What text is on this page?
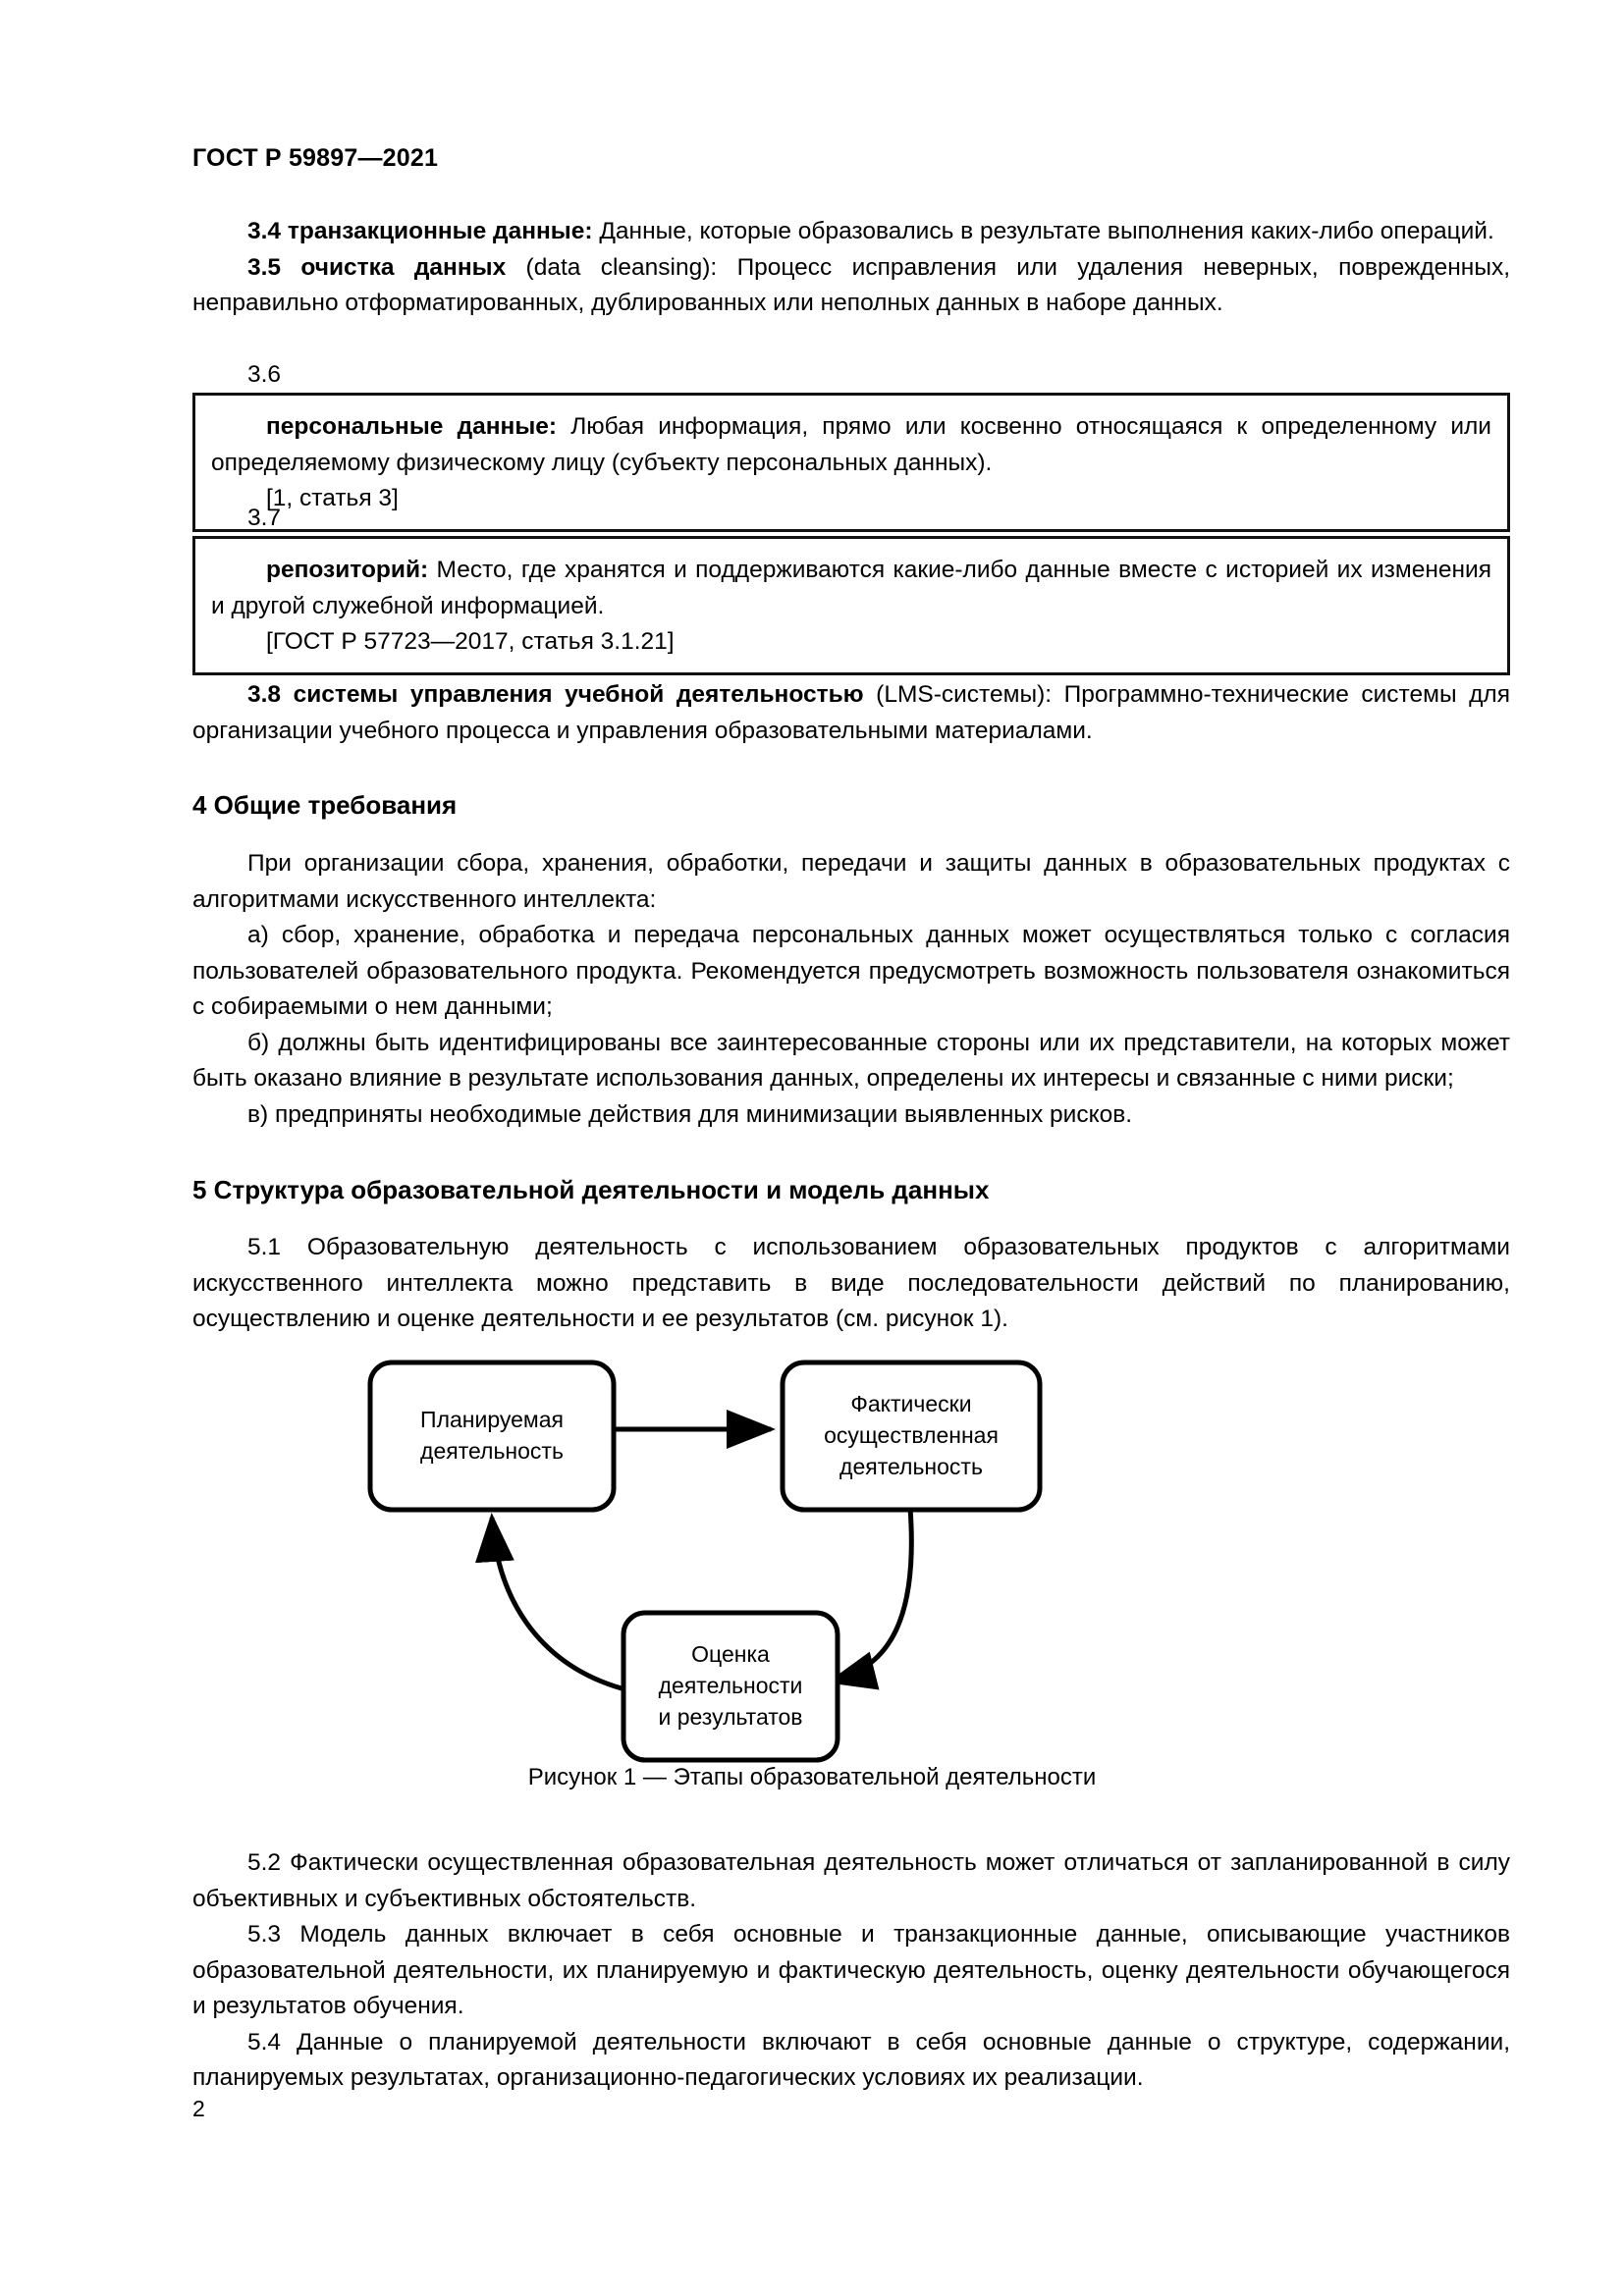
ГОСТ Р 59897—2021

3.4 транзакционные данные: Данные, которые образовались в результате выполнения каких-либо операций.

3.5 очистка данных (data cleansing): Процесс исправления или удаления неверных, поврежденных, неправильно отформатированных, дублированных или неполных данных в наборе данных.

3.6

персональные данные: Любая информация, прямо или косвенно относящаяся к определенному или определяемому физическому лицу (субъекту персональных данных).

[1, статья 3]

3.7

репозиторий: Место, где хранятся и поддерживаются какие-либо данные вместе с историей их изменения и другой служебной информацией.

[ГОСТ Р 57723—2017, статья 3.1.21]

3.8 системы управления учебной деятельностью (LMS-системы): Программно-технические системы для организации учебного процесса и управления образовательными материалами.

4 Общие требования

При организации сбора, хранения, обработки, передачи и защиты данных в образовательных продуктах с алгоритмами искусственного интеллекта:

а) сбор, хранение, обработка и передача персональных данных может осуществляться только с согласия пользователей образовательного продукта. Рекомендуется предусмотреть возможность пользователя ознакомиться с собираемыми о нем данными;

б) должны быть идентифицированы все заинтересованные стороны или их представители, на которых может быть оказано влияние в результате использования данных, определены их интересы и связанные с ними риски;

в) предприняты необходимые действия для минимизации выявленных рисков.

5 Структура образовательной деятельности и модель данных

5.1 Образовательную деятельность с использованием образовательных продуктов с алгоритмами искусственного интеллекта можно представить в виде последовательности действий по планированию, осуществлению и оценке деятельности и ее результатов (см. рисунок 1).

Планируемая
деятельность
Фактически
осуществленная
деятельность
Оценка
деятельности
и результатов
Рисунок 1 — Этапы образовательной деятельности

5.2 Фактически осуществленная образовательная деятельность может отличаться от запланированной в силу объективных и субъективных обстоятельств.

5.3 Модель данных включает в себя основные и транзакционные данные, описывающие участников образовательной деятельности, их планируемую и фактическую деятельность, оценку деятельности обучающегося и результатов обучения.

5.4 Данные о планируемой деятельности включают в себя основные данные о структуре, содержании, планируемых результатах, организационно-педагогических условиях их реализации.

2
